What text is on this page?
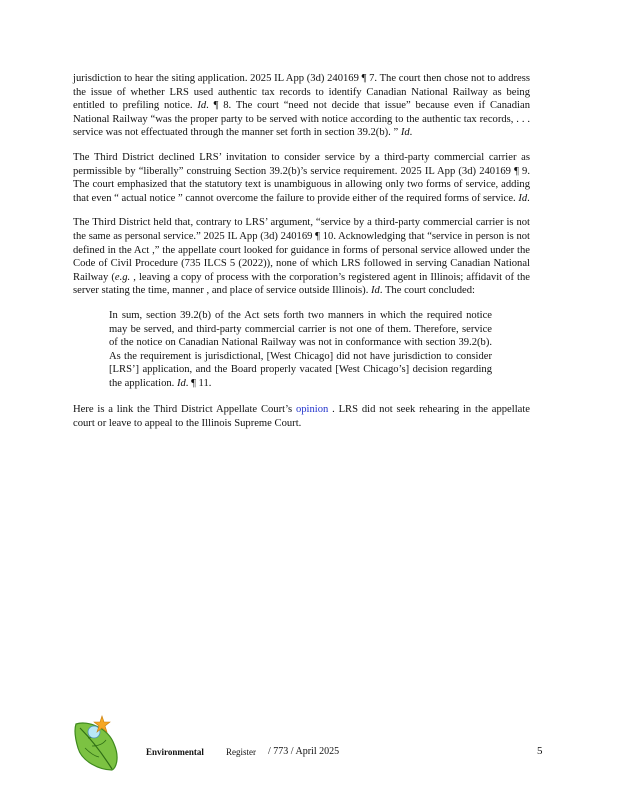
jurisdiction to hear the siting application. 2025 IL App (3d) 240169 ¶ 7. The court then chose not to address the issue of whether LRS used authentic tax records to identify Canadian National Railway as being entitled to prefiling notice. Id. ¶ 8. The court “need not decide that issue” because even if Canadian National Railway “was the proper party to be served with notice according to the authentic tax records, . . . service was not effectuated through the manner set forth in section 39.2(b). ” Id.

The Third District declined LRS’ invitation to consider service by a third-party commercial carrier as permissible by “liberally” construing Section 39.2(b)’s service requirement. 2025 IL App (3d) 240169 ¶ 9. The court emphasized that the statutory text is unambiguous in allowing only two forms of service, adding that even “ actual notice ” cannot overcome the failure to provide either of the required forms of service. Id.

The Third District held that, contrary to LRS’ argument, “service by a third-party commercial carrier is not the same as personal service.” 2025 IL App (3d) 240169 ¶ 10. Acknowledging that “service in person is not defined in the Act ,” the appellate court looked for guidance in forms of personal service allowed under the Code of Civil Procedure (735 ILCS 5 (2022)), none of which LRS followed in serving Canadian National Railway (e.g. , leaving a copy of process with the corporation’s registered agent in Illinois; affidavit of the server stating the time, manner , and place of service outside Illinois). Id. The court concluded:

In sum, section 39.2(b) of the Act sets forth two manners in which the required notice may be served, and third-party commercial carrier is not one of them. Therefore, service of the notice on Canadian National Railway was not in conformance with section 39.2(b). As the requirement is jurisdictional, [West Chicago] did not have jurisdiction to consider [LRS’] application, and the Board properly vacated [West Chicago’s] decision regarding the application. Id. ¶ 11.

Here is a link the Third District Appellate Court’s opinion . LRS did not seek rehearing in the appellate court or leave to appeal to the Illinois Supreme Court.

Environmental Register / 773 / April 2025	5
